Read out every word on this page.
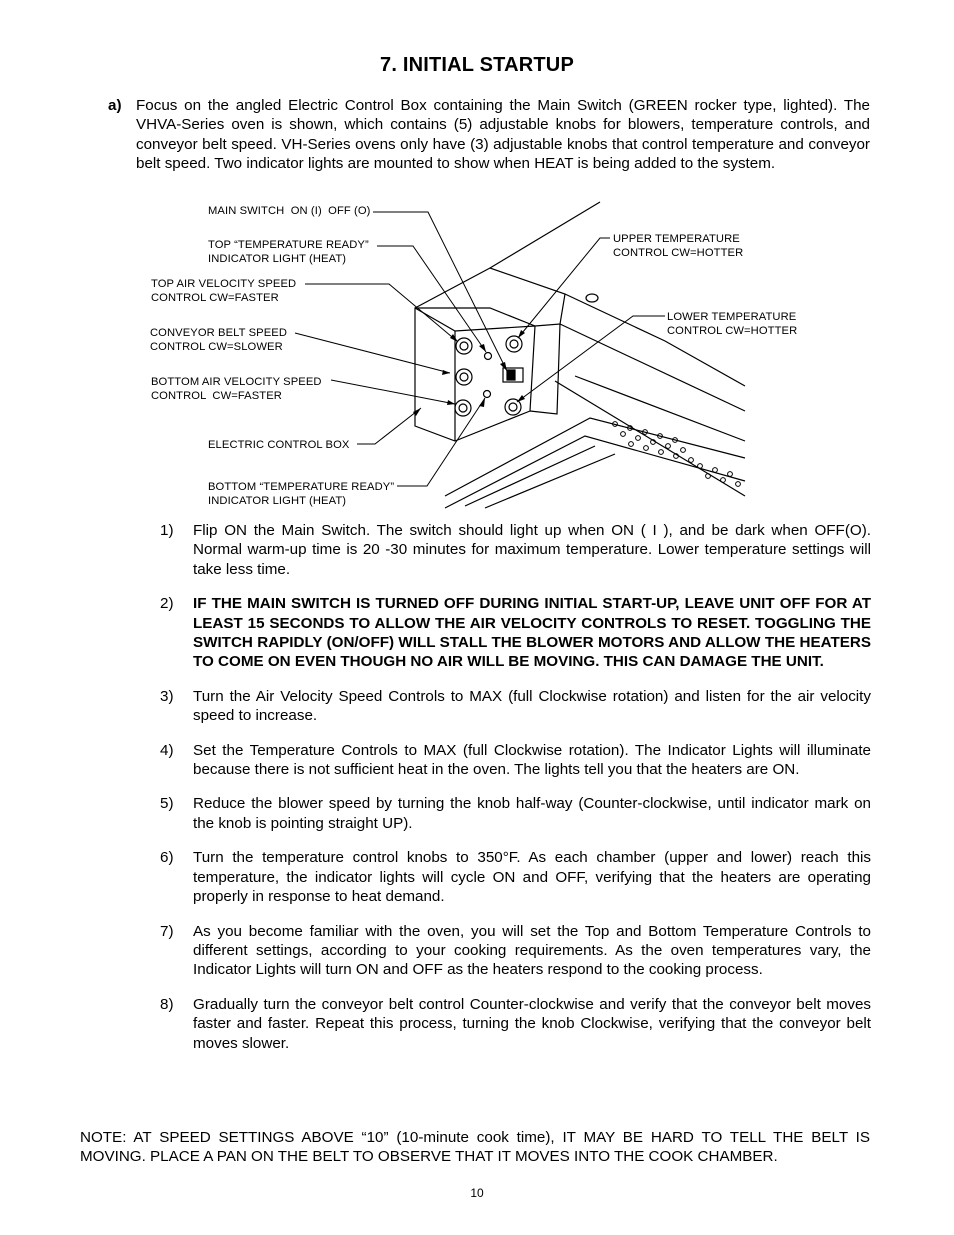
7. INITIAL STARTUP
a) Focus on the angled Electric Control Box containing the Main Switch (GREEN rocker type, lighted). The VHVA-Series oven is shown, which contains (5) adjustable knobs for blowers, temperature controls, and conveyor belt speed. VH-Series ovens only have (3) adjustable knobs that control temperature and conveyor belt speed. Two indicator lights are mounted to show when HEAT is being added to the system.
MAIN SWITCH  ON (I)  OFF (O)
TOP “TEMPERATURE READY”
INDICATOR LIGHT (HEAT)
TOP AIR VELOCITY SPEED
CONTROL CW=FASTER
CONVEYOR BELT SPEED
CONTROL CW=SLOWER
BOTTOM AIR VELOCITY SPEED
CONTROL  CW=FASTER
ELECTRIC CONTROL BOX
BOTTOM “TEMPERATURE READY”
INDICATOR LIGHT (HEAT)
UPPER TEMPERATURE
CONTROL CW=HOTTER
LOWER TEMPERATURE
CONTROL CW=HOTTER
1)	Flip ON the Main Switch. The switch should light up when ON ( I ), and be dark when OFF(O). Normal warm-up time is 20 -30 minutes for maximum temperature. Lower temperature settings will take less time.
2)	IF THE MAIN SWITCH IS TURNED OFF DURING INITIAL START-UP, LEAVE UNIT OFF FOR AT LEAST 15 SECONDS TO ALLOW THE AIR VELOCITY CONTROLS TO RESET. TOGGLING THE SWITCH RAPIDLY (ON/OFF) WILL STALL THE BLOWER MOTORS AND ALLOW THE HEATERS TO COME ON EVEN THOUGH NO AIR WILL BE MOVING. THIS CAN DAMAGE THE UNIT.
3)	Turn the Air Velocity Speed Controls to MAX (full Clockwise rotation) and listen for the air velocity speed to increase.
4)	Set the Temperature Controls to MAX (full Clockwise rotation). The Indicator Lights will illuminate because there is not sufficient heat in the oven. The lights tell you that the heaters are ON.
5)	Reduce the blower speed by turning the knob half-way (Counter-clockwise, until indicator mark on the knob is pointing straight UP).
6)	Turn the temperature control knobs to 350°F. As each chamber (upper and lower) reach this temperature, the indicator lights will cycle ON and OFF, verifying that the heaters are operating properly in response to heat demand.
7)	As you become familiar with the oven, you will set the Top and Bottom Temperature Controls to different settings, according to your cooking requirements. As the oven temperatures vary, the Indicator Lights will turn ON and OFF as the heaters respond to the cooking process.
8)	Gradually turn the conveyor belt control Counter-clockwise and verify that the conveyor belt moves faster and faster. Repeat this process, turning the knob Clockwise, verifying that the conveyor belt moves slower.
NOTE: AT SPEED SETTINGS ABOVE “10” (10-minute cook time), IT MAY BE HARD TO TELL THE BELT IS MOVING. PLACE A PAN ON THE BELT TO OBSERVE THAT IT MOVES INTO THE COOK CHAMBER.
10
